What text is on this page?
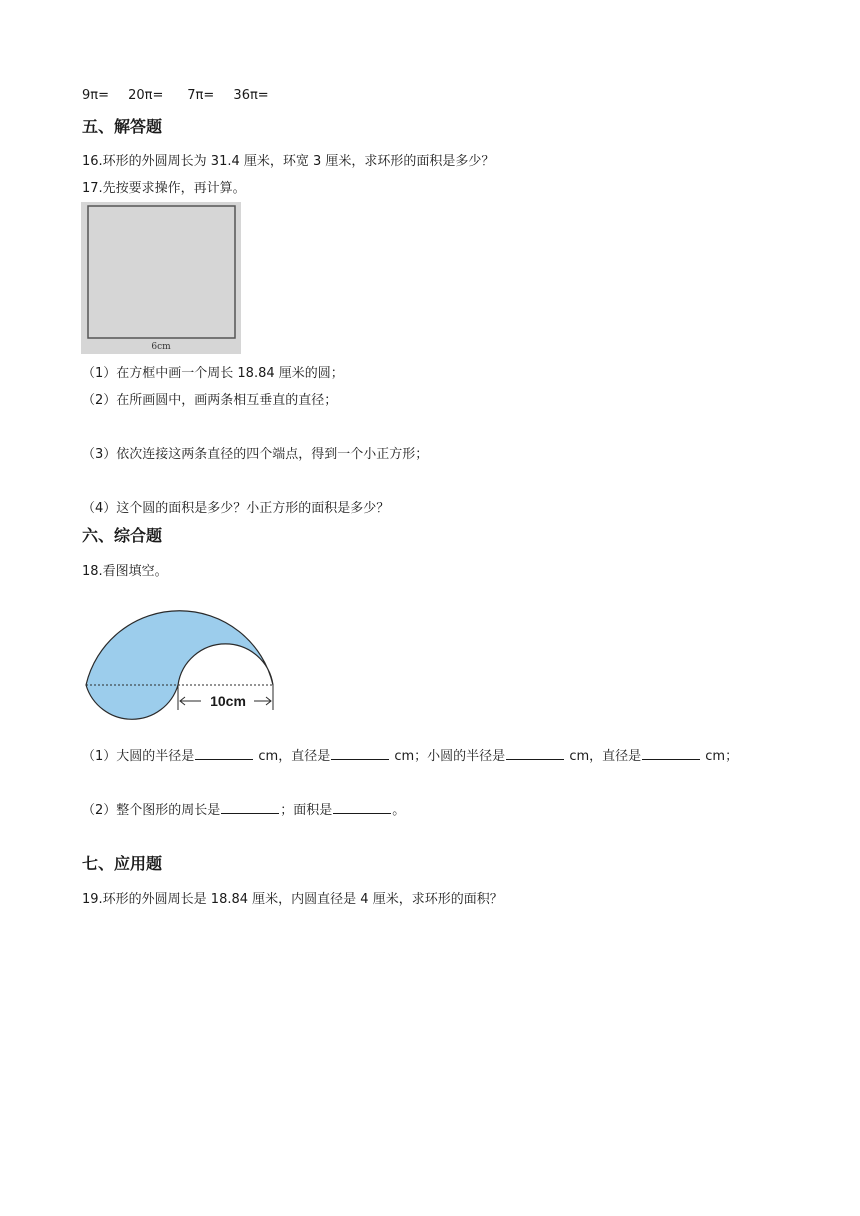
9π= 20π= 7π= 36π=
五、解答题
16.环形的外圆周长为 31.4 厘米，环宽 3 厘米，求环形的面积是多少？
17.先按要求操作，再计算。
6cm
（1）在方框中画一个周长 18.84 厘米的圆；
（2）在所画圆中，画两条相互垂直的直径；
（3）依次连接这两条直径的四个端点，得到一个小正方形；
（4）这个圆的面积是多少？小正方形的面积是多少？
六、综合题
18.看图填空。
10cm
（1）大圆的半径是	cm，直径是	cm；小圆的半径是	cm，直径是	cm；
（2）整个图形的周长是	；面积是	。
七、应用题
19.环形的外圆周长是 18.84 厘米，内圆直径是 4 厘米，求环形的面积？
